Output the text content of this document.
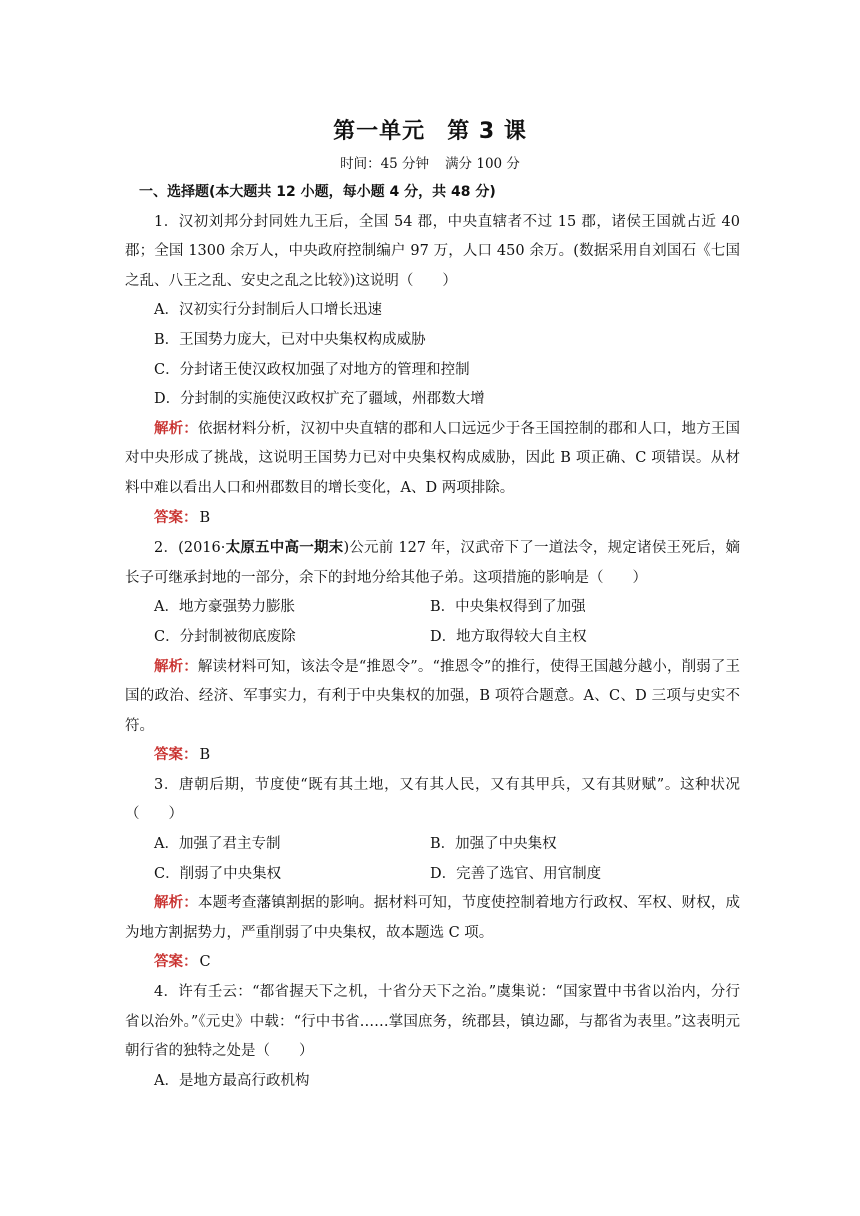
第一单元 第 3 课
时间：45 分钟 满分 100 分
一、选择题(本大题共 12 小题，每小题 4 分，共 48 分)
1．汉初刘邦分封同姓九王后，全国 54 郡，中央直辖者不过 15 郡，诸侯王国就占近 40 郡；全国 1300 余万人，中央政府控制编户 97 万，人口 450 余万。(数据采用自刘国石《七国之乱、八王之乱、安史之乱之比较》)这说明（　　）
A．汉初实行分封制后人口增长迅速
B．王国势力庞大，已对中央集权构成威胁
C．分封诸王使汉政权加强了对地方的管理和控制
D．分封制的实施使汉政权扩充了疆域，州郡数大增
解析：依据材料分析，汉初中央直辖的郡和人口远远少于各王国控制的郡和人口，地方王国对中央形成了挑战，这说明王国势力已对中央集权构成威胁，因此 B 项正确、C 项错误。从材料中难以看出人口和州郡数目的增长变化，A、D 两项排除。
答案： B
2．(2016·太原五中高一期末)公元前 127 年，汉武帝下了一道法令，规定诸侯王死后，嫡长子可继承封地的一部分，余下的封地分给其他子弟。这项措施的影响是（　　）
A．地方豪强势力膨胀	B．中央集权得到了加强
C．分封制被彻底废除	D．地方取得较大自主权
解析：解读材料可知，该法令是“推恩令”。“推恩令”的推行，使得王国越分越小，削弱了王国的政治、经济、军事实力，有利于中央集权的加强，B 项符合题意。A、C、D 三项与史实不符。
答案： B
3．唐朝后期，节度使“既有其土地，又有其人民，又有其甲兵，又有其财赋”。这种状况（　　）
A．加强了君主专制	B．加强了中央集权
C．削弱了中央集权	D．完善了选官、用官制度
解析：本题考查藩镇割据的影响。据材料可知，节度使控制着地方行政权、军权、财权，成为地方割据势力，严重削弱了中央集权，故本题选 C 项。
答案： C
4．许有壬云：“都省握天下之机，十省分天下之治。”虞集说：“国家置中书省以治内，分行省以治外。”《元史》中载：“行中书省……掌国庶务，统郡县，镇边鄙，与都省为表里。”这表明元朝行省的独特之处是（　　）
A．是地方最高行政机构
